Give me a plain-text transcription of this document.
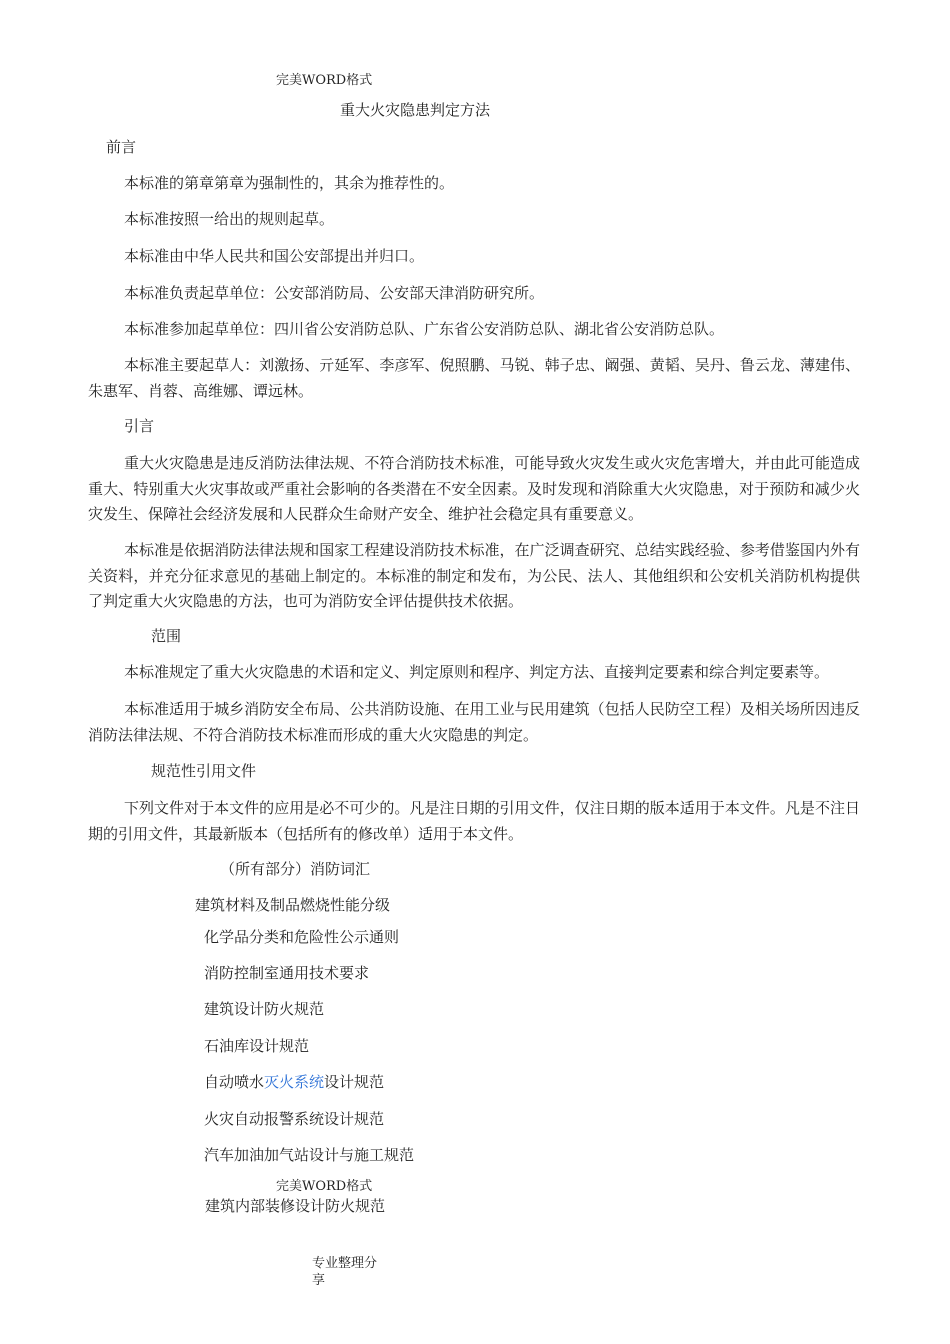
完美WORD格式
重大火灾隐患判定方法
前言
本标准的第章第章为强制性的，其余为推荐性的。
本标准按照一给出的规则起草。
本标准由中华人民共和国公安部提出并归口。
本标准负责起草单位：公安部消防局、公安部天津消防研究所。
本标准参加起草单位：四川省公安消防总队、广东省公安消防总队、湖北省公安消防总队。

本标准主要起草人：刘激扬、亓延军、李彦军、倪照鹏、马锐、韩子忠、阚强、黄韬、吴丹、鲁云龙、薄建伟、朱惠军、肖蓉、高维娜、谭远林。

引言

重大火灾隐患是违反消防法律法规、不符合消防技术标准，可能导致火灾发生或火灾危害增大，并由此可能造成重大、特别重大火灾事故或严重社会影响的各类潜在不安全因素。及时发现和消除重大火灾隐患，对于预防和减少火灾发生、保障社会经济发展和人民群众生命财产安全、维护社会稳定具有重要意义。

本标准是依据消防法律法规和国家工程建设消防技术标准，在广泛调查研究、总结实践经验、参考借鉴国内外有关资料，并充分征求意见的基础上制定的。本标准的制定和发布，为公民、法人、其他组织和公安机关消防机构提供了判定重大火灾隐患的方法，也可为消防安全评估提供技术依据。

范围
本标准规定了重大火灾隐患的术语和定义、判定原则和程序、判定方法、直接判定要素和综合判定要素等。

本标准适用于城乡消防安全布局、公共消防设施、在用工业与民用建筑（包括人民防空工程）及相关场所因违反消防法律法规、不符合消防技术标准而形成的重大火灾隐患的判定。

规范性引用文件

下列文件对于本文件的应用是必不可少的。凡是注日期的引用文件，仅注日期的版本适用于本文件。凡是不注日期的引用文件，其最新版本（包括所有的修改单）适用于本文件。

（所有部分）消防词汇
建筑材料及制品燃烧性能分级
化学品分类和危险性公示通则
消防控制室通用技术要求
建筑设计防火规范
石油库设计规范
自动喷水灭火系统设计规范
火灾自动报警系统设计规范
汽车加油加气站设计与施工规范
完美WORD格式
建筑内部装修设计防火规范
专业整理分
享
